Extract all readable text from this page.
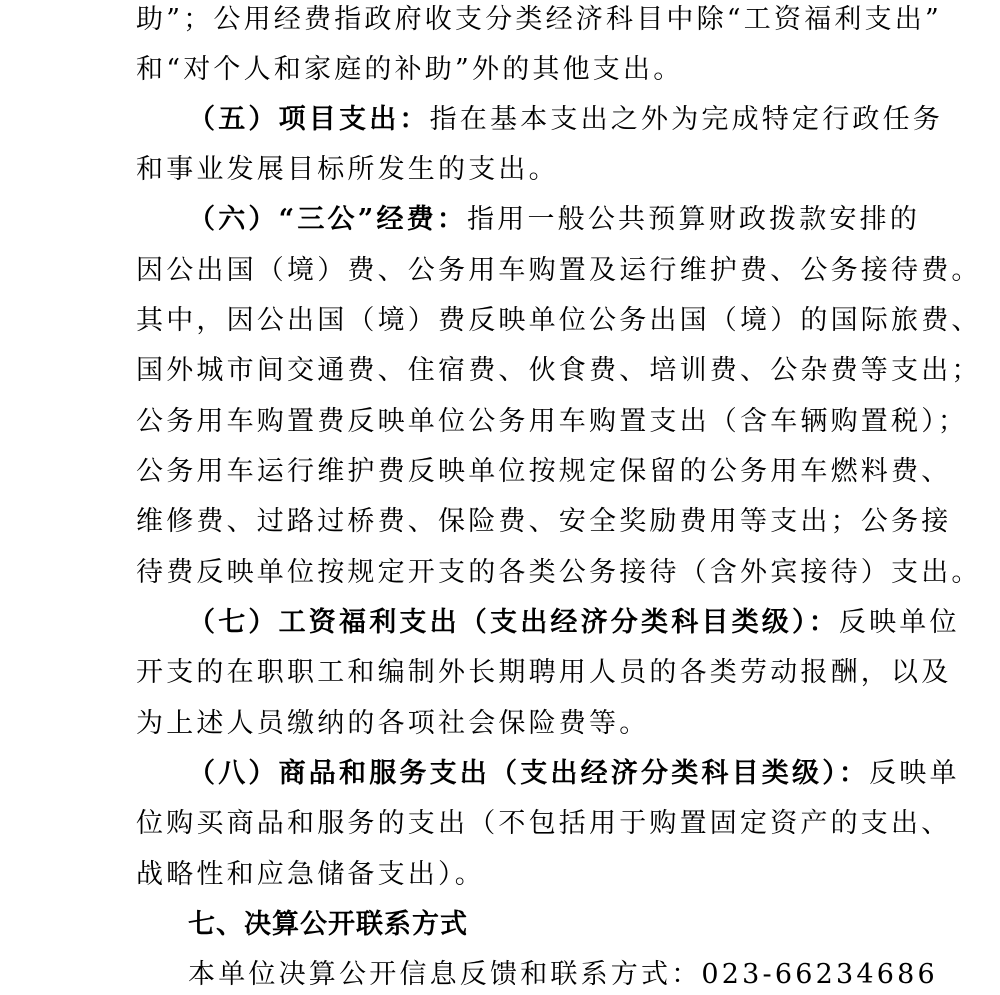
助”；公用经费指政府收支分类经济科目中除“工资福利支出”
和“对个人和家庭的补助”外的其他支出。
（五）项目支出：指在基本支出之外为完成特定行政任务
和事业发展目标所发生的支出。
（六）“三公”经费：指用一般公共预算财政拨款安排的
因公出国（境）费、公务用车购置及运行维护费、公务接待费。
其中，因公出国（境）费反映单位公务出国（境）的国际旅费、
国外城市间交通费、住宿费、伙食费、培训费、公杂费等支出；
公务用车购置费反映单位公务用车购置支出（含车辆购置税）；
公务用车运行维护费反映单位按规定保留的公务用车燃料费、
维修费、过路过桥费、保险费、安全奖励费用等支出；公务接
待费反映单位按规定开支的各类公务接待（含外宾接待）支出。
（七）工资福利支出（支出经济分类科目类级）：反映单位
开支的在职职工和编制外长期聘用人员的各类劳动报酬，以及
为上述人员缴纳的各项社会保险费等。
（八）商品和服务支出（支出经济分类科目类级）：反映单
位购买商品和服务的支出（不包括用于购置固定资产的支出、
战略性和应急储备支出）。
七、决算公开联系方式
本单位决算公开信息反馈和联系方式：023-66234686
